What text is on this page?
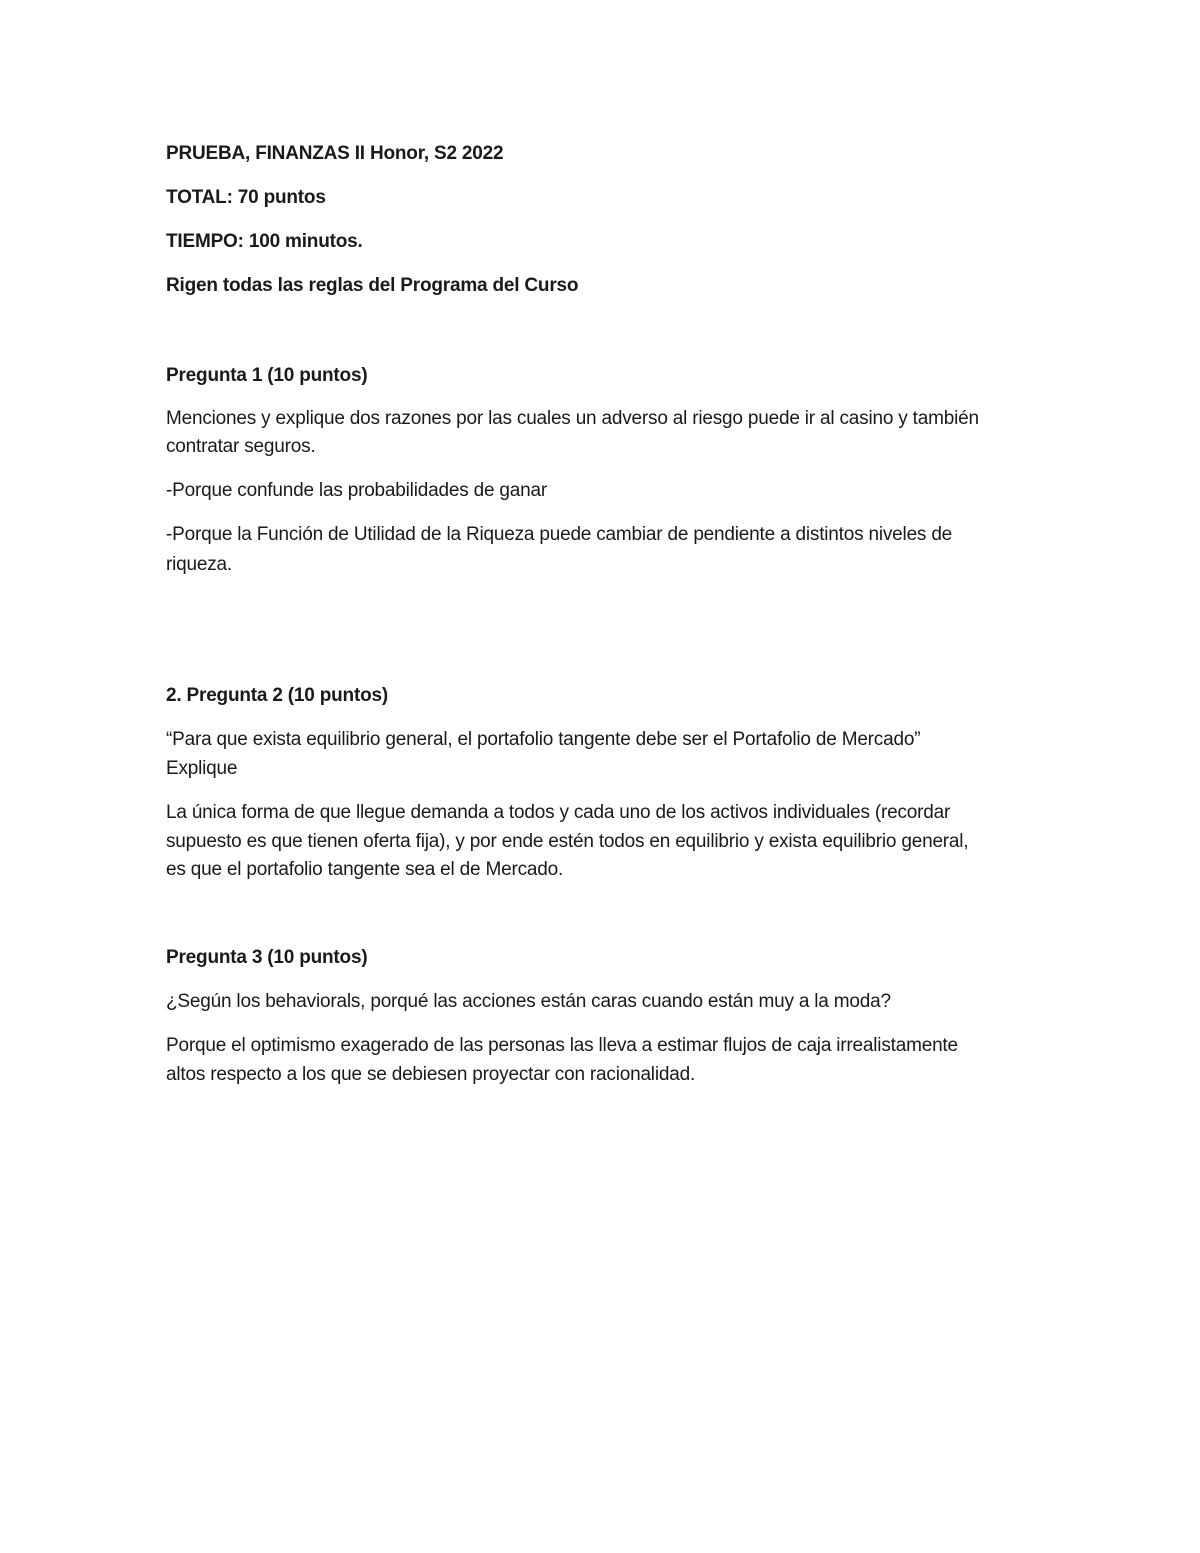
PRUEBA, FINANZAS II Honor, S2 2022

TOTAL: 70 puntos

TIEMPO: 100 minutos.

Rigen todas las reglas del Programa del Curso

Pregunta 1 (10 puntos)

Menciones y explique dos razones por las cuales un adverso al riesgo puede ir al casino y también

contratar seguros.

-Porque confunde las probabilidades de ganar

-Porque la Función de Utilidad de la Riqueza puede cambiar de pendiente a distintos niveles de

riqueza.

2. Pregunta 2 (10 puntos)

“Para que exista equilibrio general, el portafolio tangente debe ser el Portafolio de Mercado”

Explique

La única forma de que llegue demanda a todos y cada uno de los activos individuales (recordar

supuesto es que tienen oferta fija), y por ende estén todos en equilibrio y exista equilibrio general,

es que el portafolio tangente sea el de Mercado.

Pregunta 3 (10 puntos)

¿Según los behaviorals, porqué las acciones están caras cuando están muy a la moda?

Porque el optimismo exagerado de las personas las lleva a estimar flujos de caja irrealistamente

altos respecto a los que se debiesen proyectar con racionalidad.
